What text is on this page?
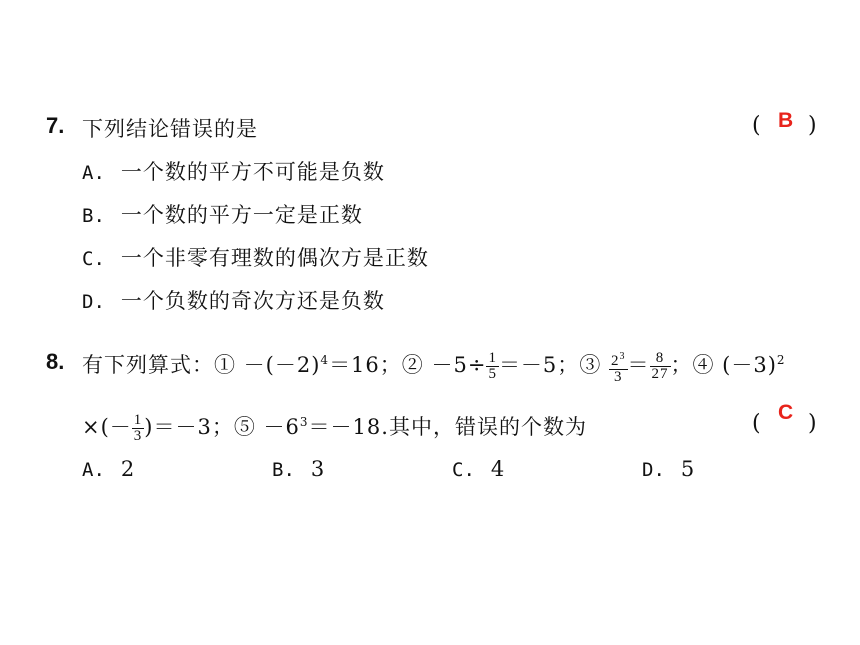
7. 下列结论错误的是	( B )
A. 一个数的平方不可能是负数
B. 一个数的平方一定是正数
C. 一个非零有理数的偶次方是正数
D. 一个负数的奇次方还是负数
8. 有下列算式：① $-(-2)^4=16$；② $-5\div \frac{1}{5} =-5$；③ $\frac{2^3}{3} = \frac{8}{27}$ ；④ $(-3)^2$
×(－ $\frac{1}{3} )=-3$；⑤ $-6^3=-18$.其中，错误的个数为	( C )
A. 2	B. 3	C. 4	D. 5
